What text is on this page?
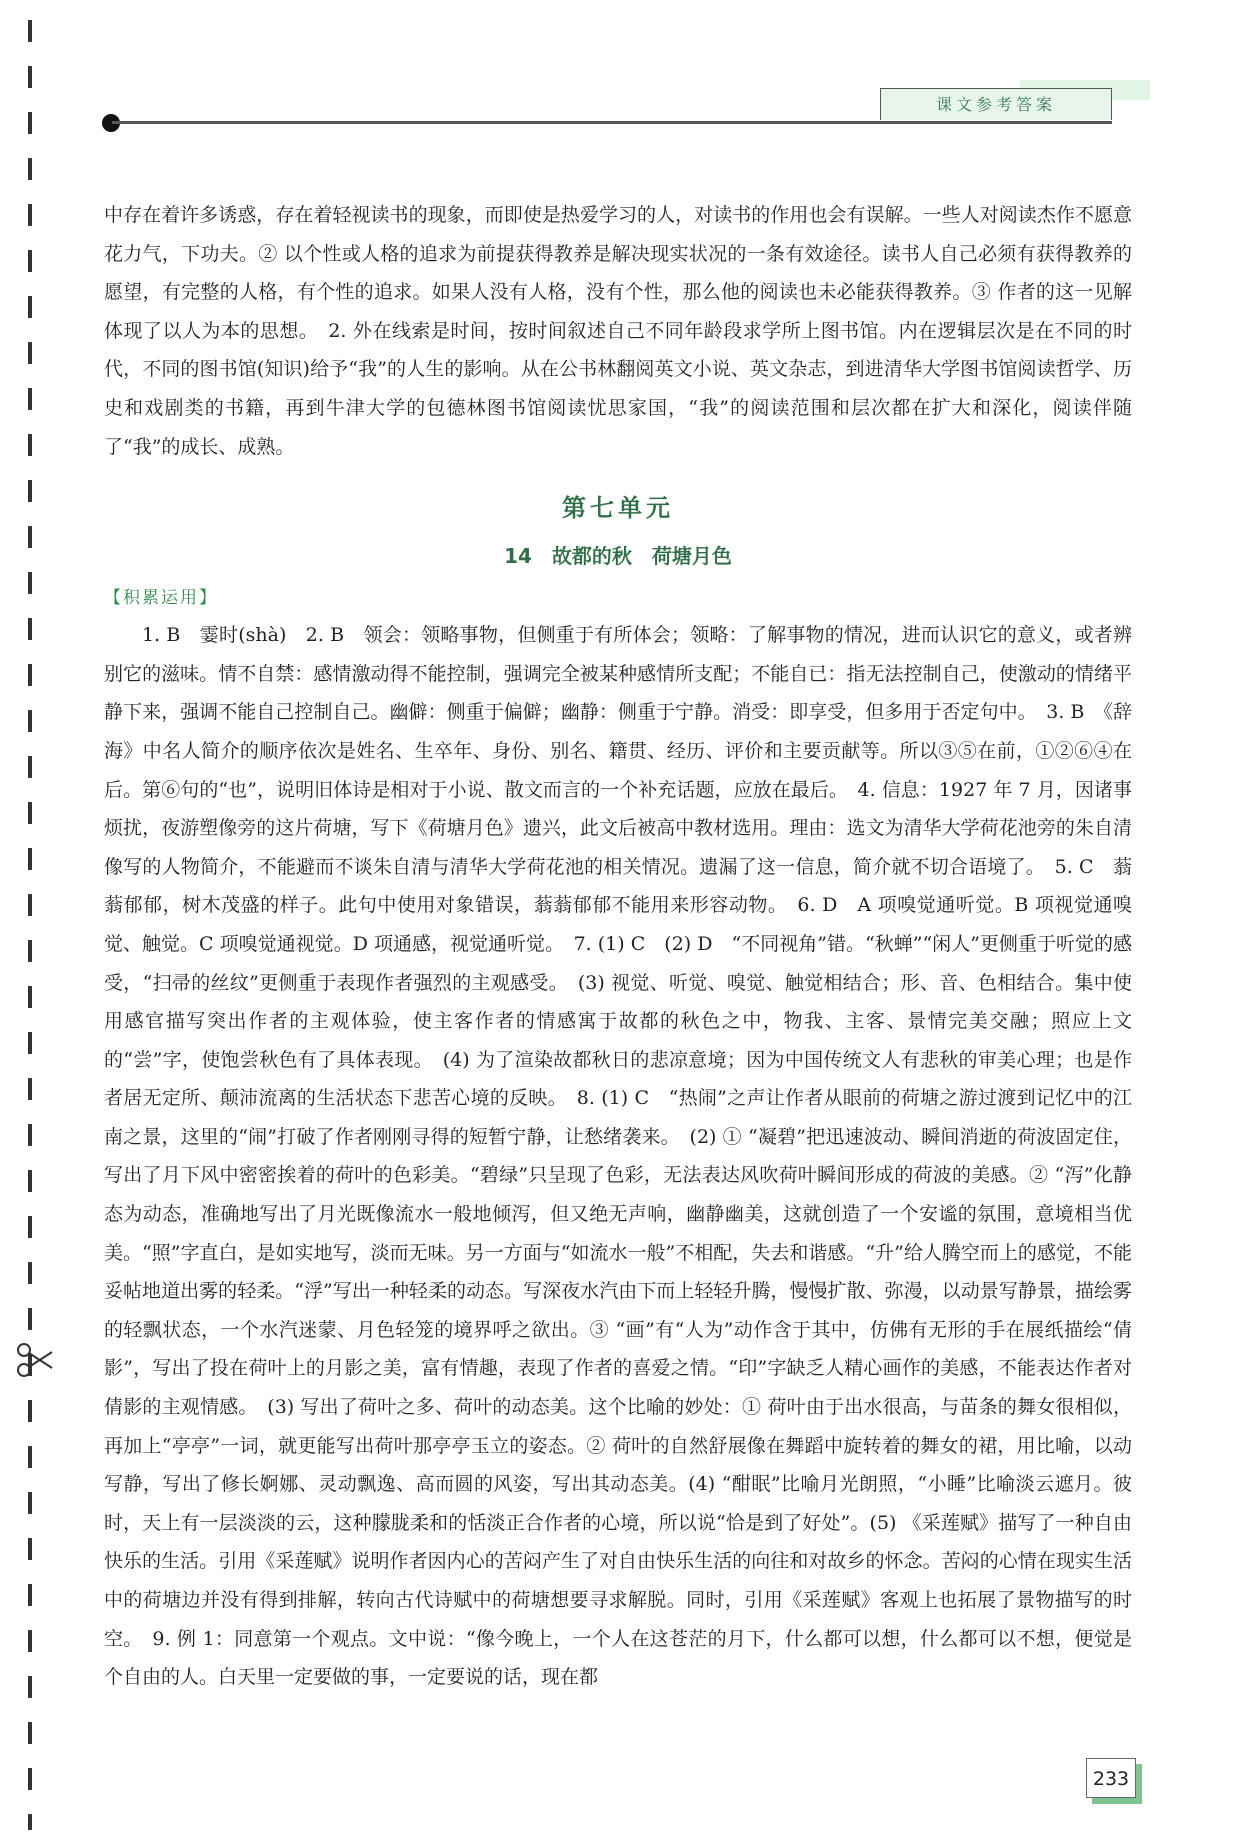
课文参考答案

中存在着许多诱惑，存在着轻视读书的现象，而即使是热爱学习的人，对读书的作用也会有误解。一些人对阅读杰作不愿意花力气，下功夫。② 以个性或人格的追求为前提获得教养是解决现实状况的一条有效途径。读书人自己必须有获得教养的愿望，有完整的人格，有个性的追求。如果人没有人格，没有个性，那么他的阅读也未必能获得教养。③ 作者的这一见解体现了以人为本的思想。　2. 外在线索是时间，按时间叙述自己不同年龄段求学所上图书馆。内在逻辑层次是在不同的时代，不同的图书馆(知识)给予“我”的人生的影响。从在公书林翻阅英文小说、英文杂志，到进清华大学图书馆阅读哲学、历史和戏剧类的书籍，再到牛津大学的包德林图书馆阅读忧思家国，“我”的阅读范围和层次都在扩大和深化，阅读伴随了“我”的成长、成熟。

第七单元
14　故都的秋　荷塘月色
【积累运用】

1. B　霎时(shà)　2. B　领会：领略事物，但侧重于有所体会；领略：了解事物的情况，进而认识它的意义，或者辨别它的滋味。情不自禁：感情激动得不能控制，强调完全被某种感情所支配；不能自已：指无法控制自己，使激动的情绪平静下来，强调不能自己控制自己。幽僻：侧重于偏僻；幽静：侧重于宁静。消受：即享受，但多用于否定句中。　3. B　《辞海》中名人简介的顺序依次是姓名、生卒年、身份、别名、籍贯、经历、评价和主要贡献等。所以③⑤在前，①②⑥④在后。第⑥句的“也”，说明旧体诗是相对于小说、散文而言的一个补充话题，应放在最后。　4. 信息：1927 年 7 月，因诸事烦扰，夜游塑像旁的这片荷塘，写下《荷塘月色》遗兴，此文后被高中教材选用。理由：选文为清华大学荷花池旁的朱自清像写的人物简介，不能避而不谈朱自清与清华大学荷花池的相关情况。遗漏了这一信息，简介就不切合语境了。　5. C　蓊蓊郁郁，树木茂盛的样子。此句中使用对象错误，蓊蓊郁郁不能用来形容动物。　6. D　A 项嗅觉通听觉。B 项视觉通嗅觉、触觉。C 项嗅觉通视觉。D 项通感，视觉通听觉。　7. (1) C　(2) D　“不同视角”错。“秋蝉”“闲人”更侧重于听觉的感受，“扫帚的丝纹”更侧重于表现作者强烈的主观感受。　(3) 视觉、听觉、嗅觉、触觉相结合；形、音、色相结合。集中使用感官描写突出作者的主观体验，使主客作者的情感寓于故都的秋色之中，物我、主客、景情完美交融；照应上文的“尝”字，使饱尝秋色有了具体表现。　(4) 为了渲染故都秋日的悲凉意境；因为中国传统文人有悲秋的审美心理；也是作者居无定所、颠沛流离的生活状态下悲苦心境的反映。　8. (1) C　“热闹”之声让作者从眼前的荷塘之游过渡到记忆中的江南之景，这里的“闹”打破了作者刚刚寻得的短暂宁静，让愁绪袭来。　(2) ① “凝碧”把迅速波动、瞬间消逝的荷波固定住，写出了月下风中密密挨着的荷叶的色彩美。“碧绿”只呈现了色彩，无法表达风吹荷叶瞬间形成的荷波的美感。② “泻”化静态为动态，准确地写出了月光既像流水一般地倾泻，但又绝无声响，幽静幽美，这就创造了一个安谧的氛围，意境相当优美。“照”字直白，是如实地写，淡而无味。另一方面与“如流水一般”不相配，失去和谐感。“升”给人腾空而上的感觉，不能妥帖地道出雾的轻柔。“浮”写出一种轻柔的动态。写深夜水汽由下而上轻轻升腾，慢慢扩散、弥漫，以动景写静景，描绘雾的轻飘状态，一个水汽迷蒙、月色轻笼的境界呼之欲出。③ “画”有“人为”动作含于其中，仿佛有无形的手在展纸描绘“倩影”，写出了投在荷叶上的月影之美，富有情趣，表现了作者的喜爱之情。“印”字缺乏人精心画作的美感，不能表达作者对倩影的主观情感。　(3) 写出了荷叶之多、荷叶的动态美。这个比喻的妙处：① 荷叶由于出水很高，与苗条的舞女很相似，再加上“亭亭”一词，就更能写出荷叶那亭亭玉立的姿态。② 荷叶的自然舒展像在舞蹈中旋转着的舞女的裙，用比喻，以动写静，写出了修长婀娜、灵动飘逸、高而圆的风姿，写出其动态美。(4) “酣眠”比喻月光朗照，“小睡”比喻淡云遮月。彼时，天上有一层淡淡的云，这种朦胧柔和的恬淡正合作者的心境，所以说“恰是到了好处”。(5) 《采莲赋》描写了一种自由快乐的生活。引用《采莲赋》说明作者因内心的苦闷产生了对自由快乐生活的向往和对故乡的怀念。苦闷的心情在现实生活中的荷塘边并没有得到排解，转向古代诗赋中的荷塘想要寻求解脱。同时，引用《采莲赋》客观上也拓展了景物描写的时空。　9. 例 1：同意第一个观点。文中说：“像今晚上，一个人在这苍茫的月下，什么都可以想，什么都可以不想，便觉是个自由的人。白天里一定要做的事，一定要说的话，现在都

233
